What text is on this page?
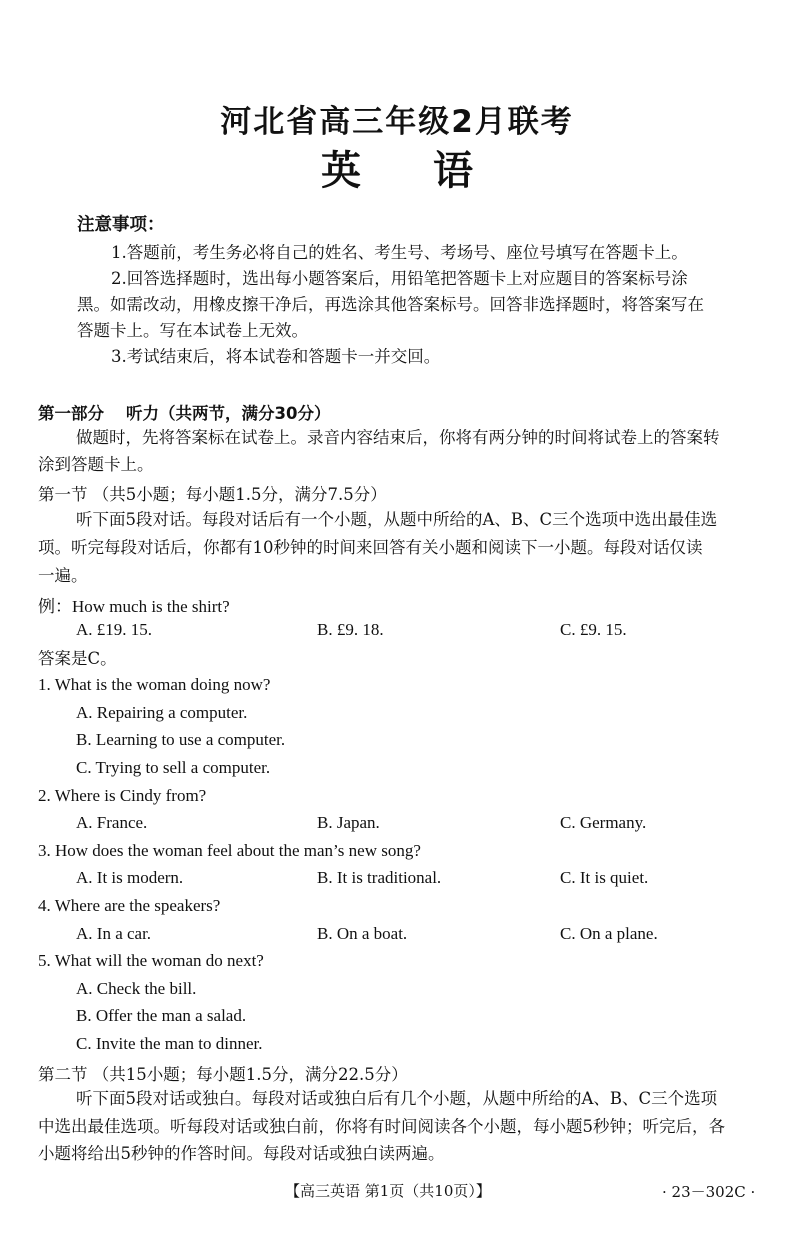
河北省高三年级2月联考
英 语
注意事项：
1.答题前，考生务必将自己的姓名、考生号、考场号、座位号填写在答题卡上。
2.回答选择题时，选出每小题答案后，用铅笔把答题卡上对应题目的答案标号涂
黑。如需改动，用橡皮擦干净后，再选涂其他答案标号。回答非选择题时，将答案写在
答题卡上。写在本试卷上无效。
3.考试结束后，将本试卷和答题卡一并交回。
第一部分 听力（共两节，满分30分）
做题时，先将答案标在试卷上。录音内容结束后，你将有两分钟的时间将试卷上的答案转
涂到答题卡上。
第一节 （共5小题；每小题1.5分，满分7.5分）
听下面5段对话。每段对话后有一个小题，从题中所给的A、B、C三个选项中选出最佳选
项。听完每段对话后，你都有10秒钟的时间来回答有关小题和阅读下一小题。每段对话仅读
一遍。
例：How much is the shirt?
A. £19. 15.	B. £9. 18.	C. £9. 15.
答案是C。
1. What is the woman doing now?
A. Repairing a computer.
B. Learning to use a computer.
C. Trying to sell a computer.
2. Where is Cindy from?
A. France.	B. Japan.	C. Germany.
3. How does the woman feel about the man’s new song?
A. It is modern.	B. It is traditional.	C. It is quiet.
4. Where are the speakers?
A. In a car.	B. On a boat.	C. On a plane.
5. What will the woman do next?
A. Check the bill.
B. Offer the man a salad.
C. Invite the man to dinner.
第二节 （共15小题；每小题1.5分，满分22.5分）
听下面5段对话或独白。每段对话或独白后有几个小题，从题中所给的A、B、C三个选项
中选出最佳选项。听每段对话或独白前，你将有时间阅读各个小题，每小题5秒钟；听完后，各
小题将给出5秒钟的作答时间。每段对话或独白读两遍。
【高三英语 第1页（共10页）】	· 23－302C ·
